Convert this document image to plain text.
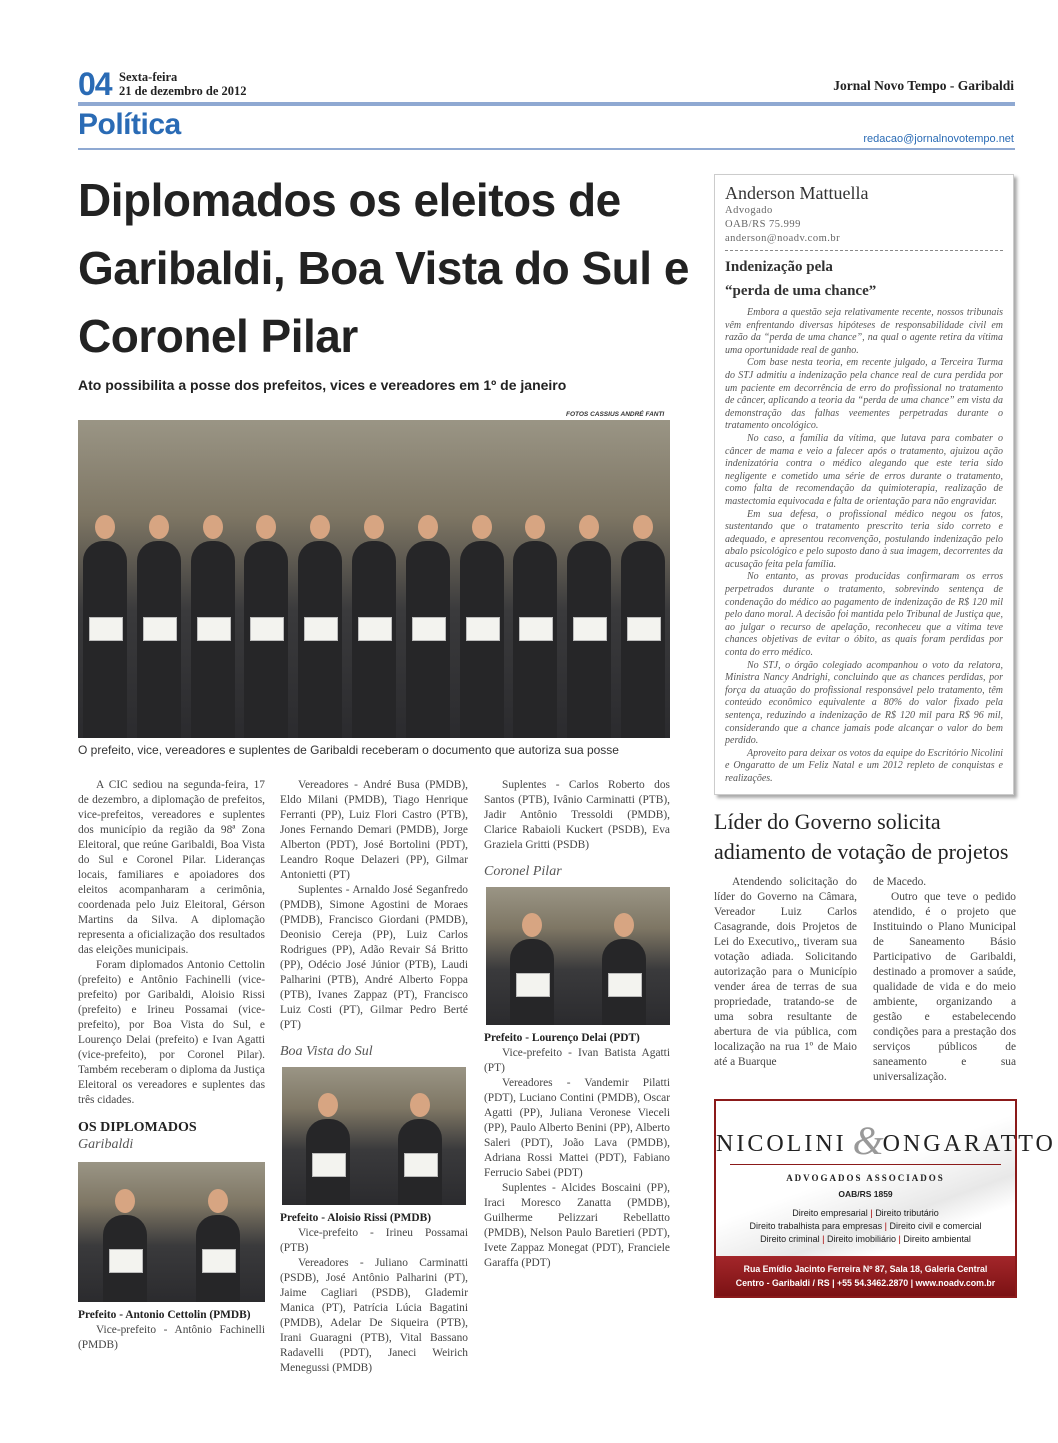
04 Sexta-feira
21 de dezembro de 2012	Jornal Novo Tempo - Garibaldi
Política	redacao@jornalnovotempo.net
Diplomados os eleitos de Garibaldi, Boa Vista do Sul e Coronel Pilar
Ato possibilita a posse dos prefeitos, vices e vereadores em 1º de janeiro
FOTOS CASSIUS ANDRÉ FANTI
O prefeito, vice, vereadores e suplentes de Garibaldi receberam o documento que autoriza sua posse

A CIC sediou na segunda-feira, 17 de dezembro, a diplomação de prefeitos, vice-prefeitos, vereadores e suplentes dos município da região da 98ª Zona Eleitoral, que reúne Garibaldi, Boa Vista do Sul e Coronel Pilar. Lideranças locais, familiares e apoiadores dos eleitos acompanharam a cerimônia, coordenada pelo Juiz Eleitoral, Gérson Martins da Silva. A diplomação representa a oficialização dos resultados das eleições municipais.

Foram diplomados Antonio Cettolin (prefeito) e Antônio Fachinelli (vice-prefeito) por Garibaldi, Aloisio Rissi (prefeito) e Irineu Possamai (vice-prefeito), por Boa Vista do Sul, e Lourenço Delai (prefeito) e Ivan Agatti (vice-prefeito), por Coronel Pilar). Também receberam o diploma da Justiça Eleitoral os vereadores e suplentes das três cidades.

OS DIPLOMADOS
Garibaldi
Prefeito - Antonio Cettolin (PMDB)

Vice-prefeito - Antônio Fachinelli (PMDB)

Vereadores - André Busa (PMDB), Eldo Milani (PMDB), Tiago Henrique Ferranti (PP), Luiz Flori Castro (PTB), Jones Fernando Demari (PMDB), Jorge Alberton (PDT), José Bortolini (PDT), Leandro Roque Delazeri (PP), Gilmar Antonietti (PT)

Suplentes - Arnaldo José Seganfredo (PMDB), Simone Agostini de Moraes (PMDB), Francisco Giordani (PMDB), Deonisio Cereja (PP), Luiz Carlos Rodrigues (PP), Adão Revair Sá Britto (PP), Odécio José Júnior (PTB), Laudi Palharini (PTB), André Alberto Foppa (PTB), Ivanes Zappaz (PT), Francisco Luiz Costi (PT), Gilmar Pedro Berté (PT)

Boa Vista do Sul
Prefeito - Aloisio Rissi (PMDB)

Vice-prefeito - Irineu Possamai (PTB)

Vereadores - Juliano Carminatti (PSDB), José Antônio Palharini (PT), Jaime Cagliari (PSDB), Glademir Manica (PT), Patrícia Lúcia Bagatini (PMDB), Adelar De Siqueira (PTB), Irani Guaragni (PTB), Vital Bassano Radavelli (PDT), Janeci Weirich Menegussi (PMDB)

Suplentes - Carlos Roberto dos Santos (PTB), Ivânio Carminatti (PTB), Jadir Antônio Tressoldi (PMDB), Clarice Rabaioli Kuckert (PSDB), Eva Graziela Gritti (PSDB)

Coronel Pilar
Prefeito - Lourenço Delai (PDT)

Vice-prefeito - Ivan Batista Agatti (PT)

Vereadores - Vandemir Pilatti (PDT), Luciano Contini (PMDB), Oscar Agatti (PP), Juliana Veronese Vieceli (PP), Paulo Alberto Benini (PP), Alberto Saleri (PDT), João Lava (PMDB), Adriana Rossi Mattei (PDT), Fabiano Ferrucio Sabei (PDT)

Suplentes - Alcides Boscaini (PP), Iraci Moresco Zanatta (PMDB), Guilherme Pelizzari Rebellatto (PMDB), Nelson Paulo Baretieri (PDT), Ivete Zappaz Monegat (PDT), Franciele Garaffa (PDT)

Anderson Mattuella
Advogado
OAB/RS 75.999
anderson@noadv.com.br
Indenização pela
“perda de uma chance”

Embora a questão seja relativamente recente, nossos tribunais vêm enfrentando diversas hipóteses de responsabilidade civil em razão da “perda de uma chance”, na qual o agente retira da vítima uma oportunidade real de ganho.

Com base nesta teoria, em recente julgado, a Terceira Turma do STJ admitiu a indenização pela chance real de cura perdida por um paciente em decorrência de erro do profissional no tratamento de câncer, aplicando a teoria da “perda de uma chance” em vista da demonstração das falhas veementes perpetradas durante o tratamento oncológico.

No caso, a família da vítima, que lutava para combater o câncer de mama e veio a falecer após o tratamento, ajuizou ação indenizatória contra o médico alegando que este teria sido negligente e cometido uma série de erros durante o tratamento, como falta de recomendação da quimioterapia, realização de mastectomia equivocada e falta de orientação para não engravidar.

Em sua defesa, o profissional médico negou os fatos, sustentando que o tratamento prescrito teria sido correto e adequado, e apresentou reconvenção, postulando indenização pelo abalo psicológico e pelo suposto dano à sua imagem, decorrentes da acusação feita pela família.

No entanto, as provas producidas confirmaram os erros perpetrados durante o tratamento, sobrevindo sentença de condenação do médico ao pagamento de indenização de R$ 120 mil pelo dano moral. A decisão foi mantida pelo Tribunal de Justiça que, ao julgar o recurso de apelação, reconheceu que a vítima teve chances objetivas de evitar o óbito, as quais foram perdidas por conta do erro médico.

No STJ, o órgão colegiado acompanhou o voto da relatora, Ministra Nancy Andrighi, concluindo que as chances perdidas, por força da atuação do profissional responsável pelo tratamento, têm conteúdo econômico equivalente a 80% do valor fixado pela sentença, reduzindo a indenização de R$ 120 mil para R$ 96 mil, considerando que a chance jamais pode alcançar o valor do bem perdido.

Aproveito para deixar os votos da equipe do Escritório Nicolini e Ongaratto de um Feliz Natal e um 2012 repleto de conquistas e realizações.

Líder do Governo solicita adiamento de votação de projetos

Atendendo solicitação do líder do Governo na Câmara, Vereador Luiz Carlos Casagrande, dois Projetos de Lei do Executivo,, tiveram sua votação adiada. Solicitando autorização para o Município vender área de terras de sua propriedade, tratando-se de uma sobra resultante de abertura de via pública, com localização na rua 1º de Maio até a Buarque

de Macedo.

Outro que teve o pedido atendido, é o projeto que Instituindo o Plano Municipal de Saneamento Básio Participativo de Garibaldi, destinado a promover a saúde, qualidade de vida e do meio ambiente, organizando a gestão e estabelecendo condições para a prestação dos serviços públicos de saneamento e sua universalização.

NICOLINI &
ONGARATTO
ADVOGADOS ASSOCIADOS
OAB/RS 1859
Direito empresarial | Direito tributário
Direito trabalhista para empresas | Direito civil e comercial
Direito criminal | Direito imobiliário | Direito ambiental
Rua Emídio Jacinto Ferreira Nº 87, Sala 18, Galeria Central
Centro - Garibaldi / RS | +55 54.3462.2870 | www.noadv.com.br
